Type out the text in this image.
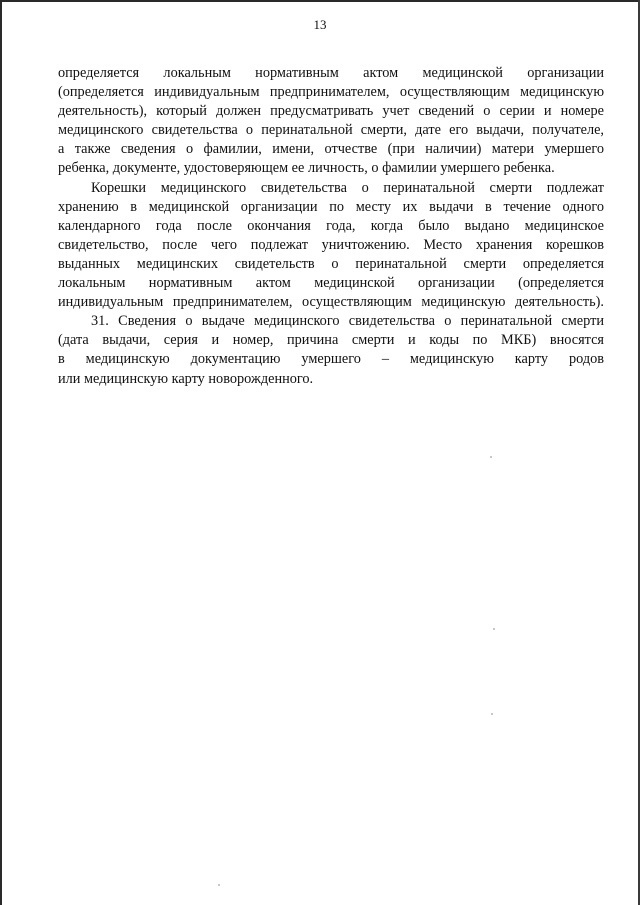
13

определяется локальным нормативным актом медицинской организации
(определяется индивидуальным предпринимателем, осуществляющим медицинскую
деятельность), который должен предусматривать учет сведений о серии и номере
медицинского свидетельства о перинатальной смерти, дате его выдачи, получателе,
а также сведения о фамилии, имени, отчестве (при наличии) матери умершего
ребенка, документе, удостоверяющем ее личность, о фамилии умершего ребенка.

Корешки медицинского свидетельства о перинатальной смерти подлежат
хранению в медицинской организации по месту их выдачи в течение одного
календарного года после окончания года, когда было выдано медицинское
свидетельство, после чего подлежат уничтожению. Место хранения корешков
выданных медицинских свидетельств о перинатальной смерти определяется
локальным нормативным актом медицинской организации (определяется
индивидуальным предпринимателем, осуществляющим медицинскую деятельность).

31. Сведения о выдаче медицинского свидетельства о перинатальной смерти
(дата выдачи, серия и номер, причина смерти и коды по МКБ) вносятся
в медицинскую документацию умершего – медицинскую карту родов
или медицинскую карту новорожденного.
